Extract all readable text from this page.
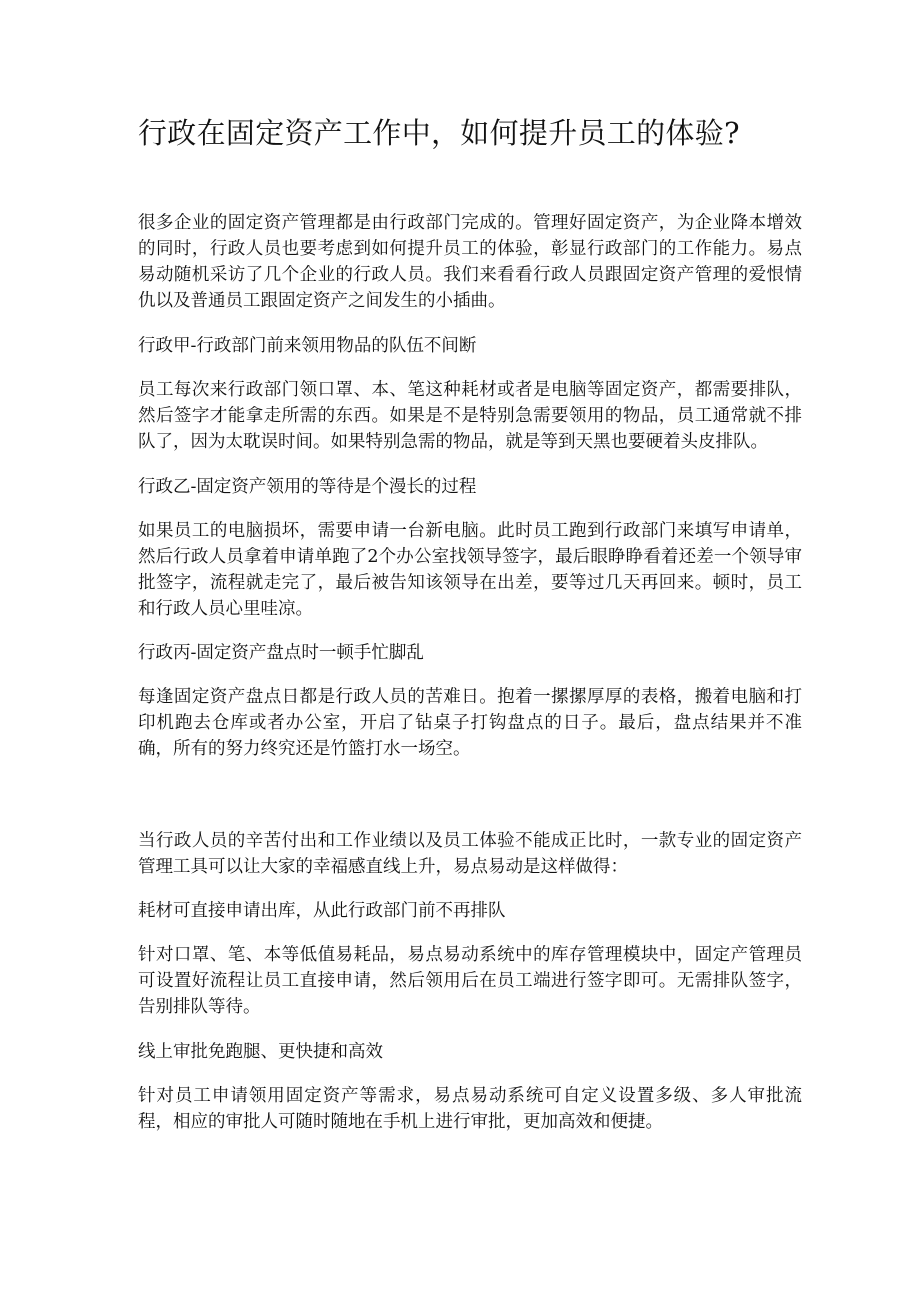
行政在固定资产工作中，如何提升员工的体验?

很多企业的固定资产管理都是由行政部门完成的。管理好固定资产，为企业降本增效的同时，行政人员也要考虑到如何提升员工的体验，彰显行政部门的工作能力。易点易动随机采访了几个企业的行政人员。我们来看看行政人员跟固定资产管理的爱恨情仇以及普通员工跟固定资产之间发生的小插曲。

行政甲-行政部门前来领用物品的队伍不间断

员工每次来行政部门领口罩、本、笔这种耗材或者是电脑等固定资产，都需要排队，然后签字才能拿走所需的东西。如果是不是特别急需要领用的物品，员工通常就不排队了，因为太耽误时间。如果特别急需的物品，就是等到天黑也要硬着头皮排队。

行政乙-固定资产领用的等待是个漫长的过程

如果员工的电脑损坏，需要申请一台新电脑。此时员工跑到行政部门来填写申请单，然后行政人员拿着申请单跑了2个办公室找领导签字，最后眼睁睁看着还差一个领导审批签字，流程就走完了，最后被告知该领导在出差，要等过几天再回来。顿时，员工和行政人员心里哇凉。

行政丙-固定资产盘点时一顿手忙脚乱

每逢固定资产盘点日都是行政人员的苦难日。抱着一摞摞厚厚的表格，搬着电脑和打印机跑去仓库或者办公室，开启了钻桌子打钩盘点的日子。最后，盘点结果并不准确，所有的努力终究还是竹篮打水一场空。

当行政人员的辛苦付出和工作业绩以及员工体验不能成正比时，一款专业的固定资产管理工具可以让大家的幸福感直线上升，易点易动是这样做得：

耗材可直接申请出库，从此行政部门前不再排队

针对口罩、笔、本等低值易耗品，易点易动系统中的库存管理模块中，固定产管理员可设置好流程让员工直接申请，然后领用后在员工端进行签字即可。无需排队签字，告别排队等待。

线上审批免跑腿、更快捷和高效

针对员工申请领用固定资产等需求，易点易动系统可自定义设置多级、多人审批流程，相应的审批人可随时随地在手机上进行审批，更加高效和便捷。
